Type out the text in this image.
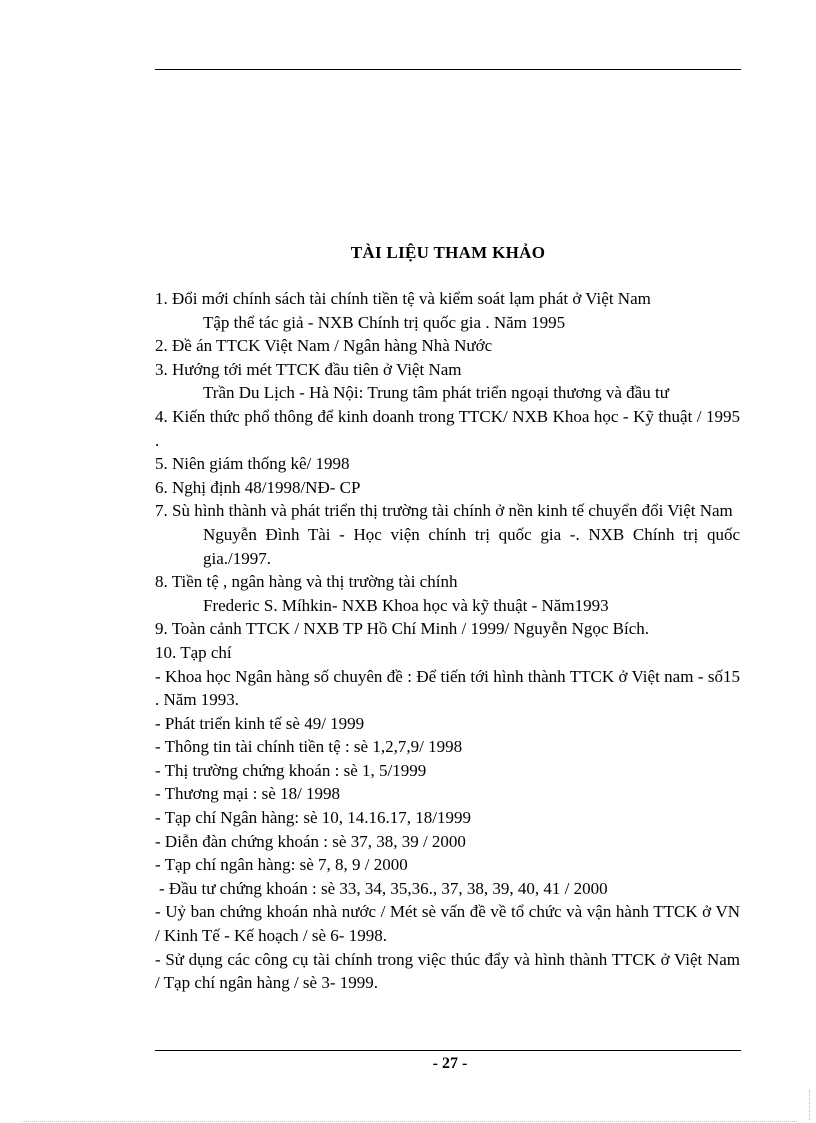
TÀI LIỆU THAM KHẢO
1. Đổi mới chính sách tài chính tiền tệ và kiểm soát lạm phát ở Việt Nam
Tập thể tác giả - NXB Chính trị quốc gia . Năm 1995
2. Đề án TTCK Việt Nam / Ngân hàng Nhà Nước
3. Hướng tới mét TTCK đầu tiên ở Việt Nam
Trần Du Lịch - Hà Nội: Trung tâm phát triển ngoại thương và đầu tư
4. Kiến thức phổ thông để kinh doanh trong TTCK/ NXB Khoa học - Kỹ thuật / 1995 .
5. Niên giám thống kê/ 1998
6. Nghị định 48/1998/NĐ- CP
7. Sù hình thành và phát triển thị trường tài chính ở nền kinh tế chuyển đổi Việt Nam
Nguyễn Đình Tài - Học viện chính trị quốc gia -. NXB Chính trị quốc gia./1997.
8. Tiền tệ , ngân hàng và thị trường tài chính
Frederic S. Míhkin- NXB Khoa học và kỹ thuật - Năm1993
9. Toàn cảnh TTCK / NXB TP Hồ Chí Minh / 1999/ Nguyễn Ngọc Bích.
10. Tạp chí
- Khoa học Ngân hàng số chuyên đề : Để tiến tới hình thành TTCK ở Việt nam - số15 . Năm 1993.
- Phát triển kinh tế sè 49/ 1999
- Thông tin tài chính tiền tệ : sè 1,2,7,9/ 1998
- Thị trường chứng khoán : sè 1, 5/1999
- Thương mại : sè 18/ 1998
- Tạp chí Ngân hàng: sè 10, 14.16.17, 18/1999
- Diễn đàn chứng khoán : sè 37, 38, 39 / 2000
- Tạp chí ngân hàng: sè 7, 8, 9 / 2000
- Đầu tư chứng khoán : sè 33, 34, 35,36., 37, 38, 39, 40, 41 / 2000
- Uỷ ban chứng khoán nhà nước / Mét sè vấn đề về tổ chức và vận hành TTCK ở VN / Kinh Tế - Kế hoạch / sè 6- 1998.
- Sử dụng các công cụ tài chính trong việc thúc đẩy và hình thành TTCK ở Việt Nam / Tạp chí ngân hàng / sè 3- 1999.
- 27 -
